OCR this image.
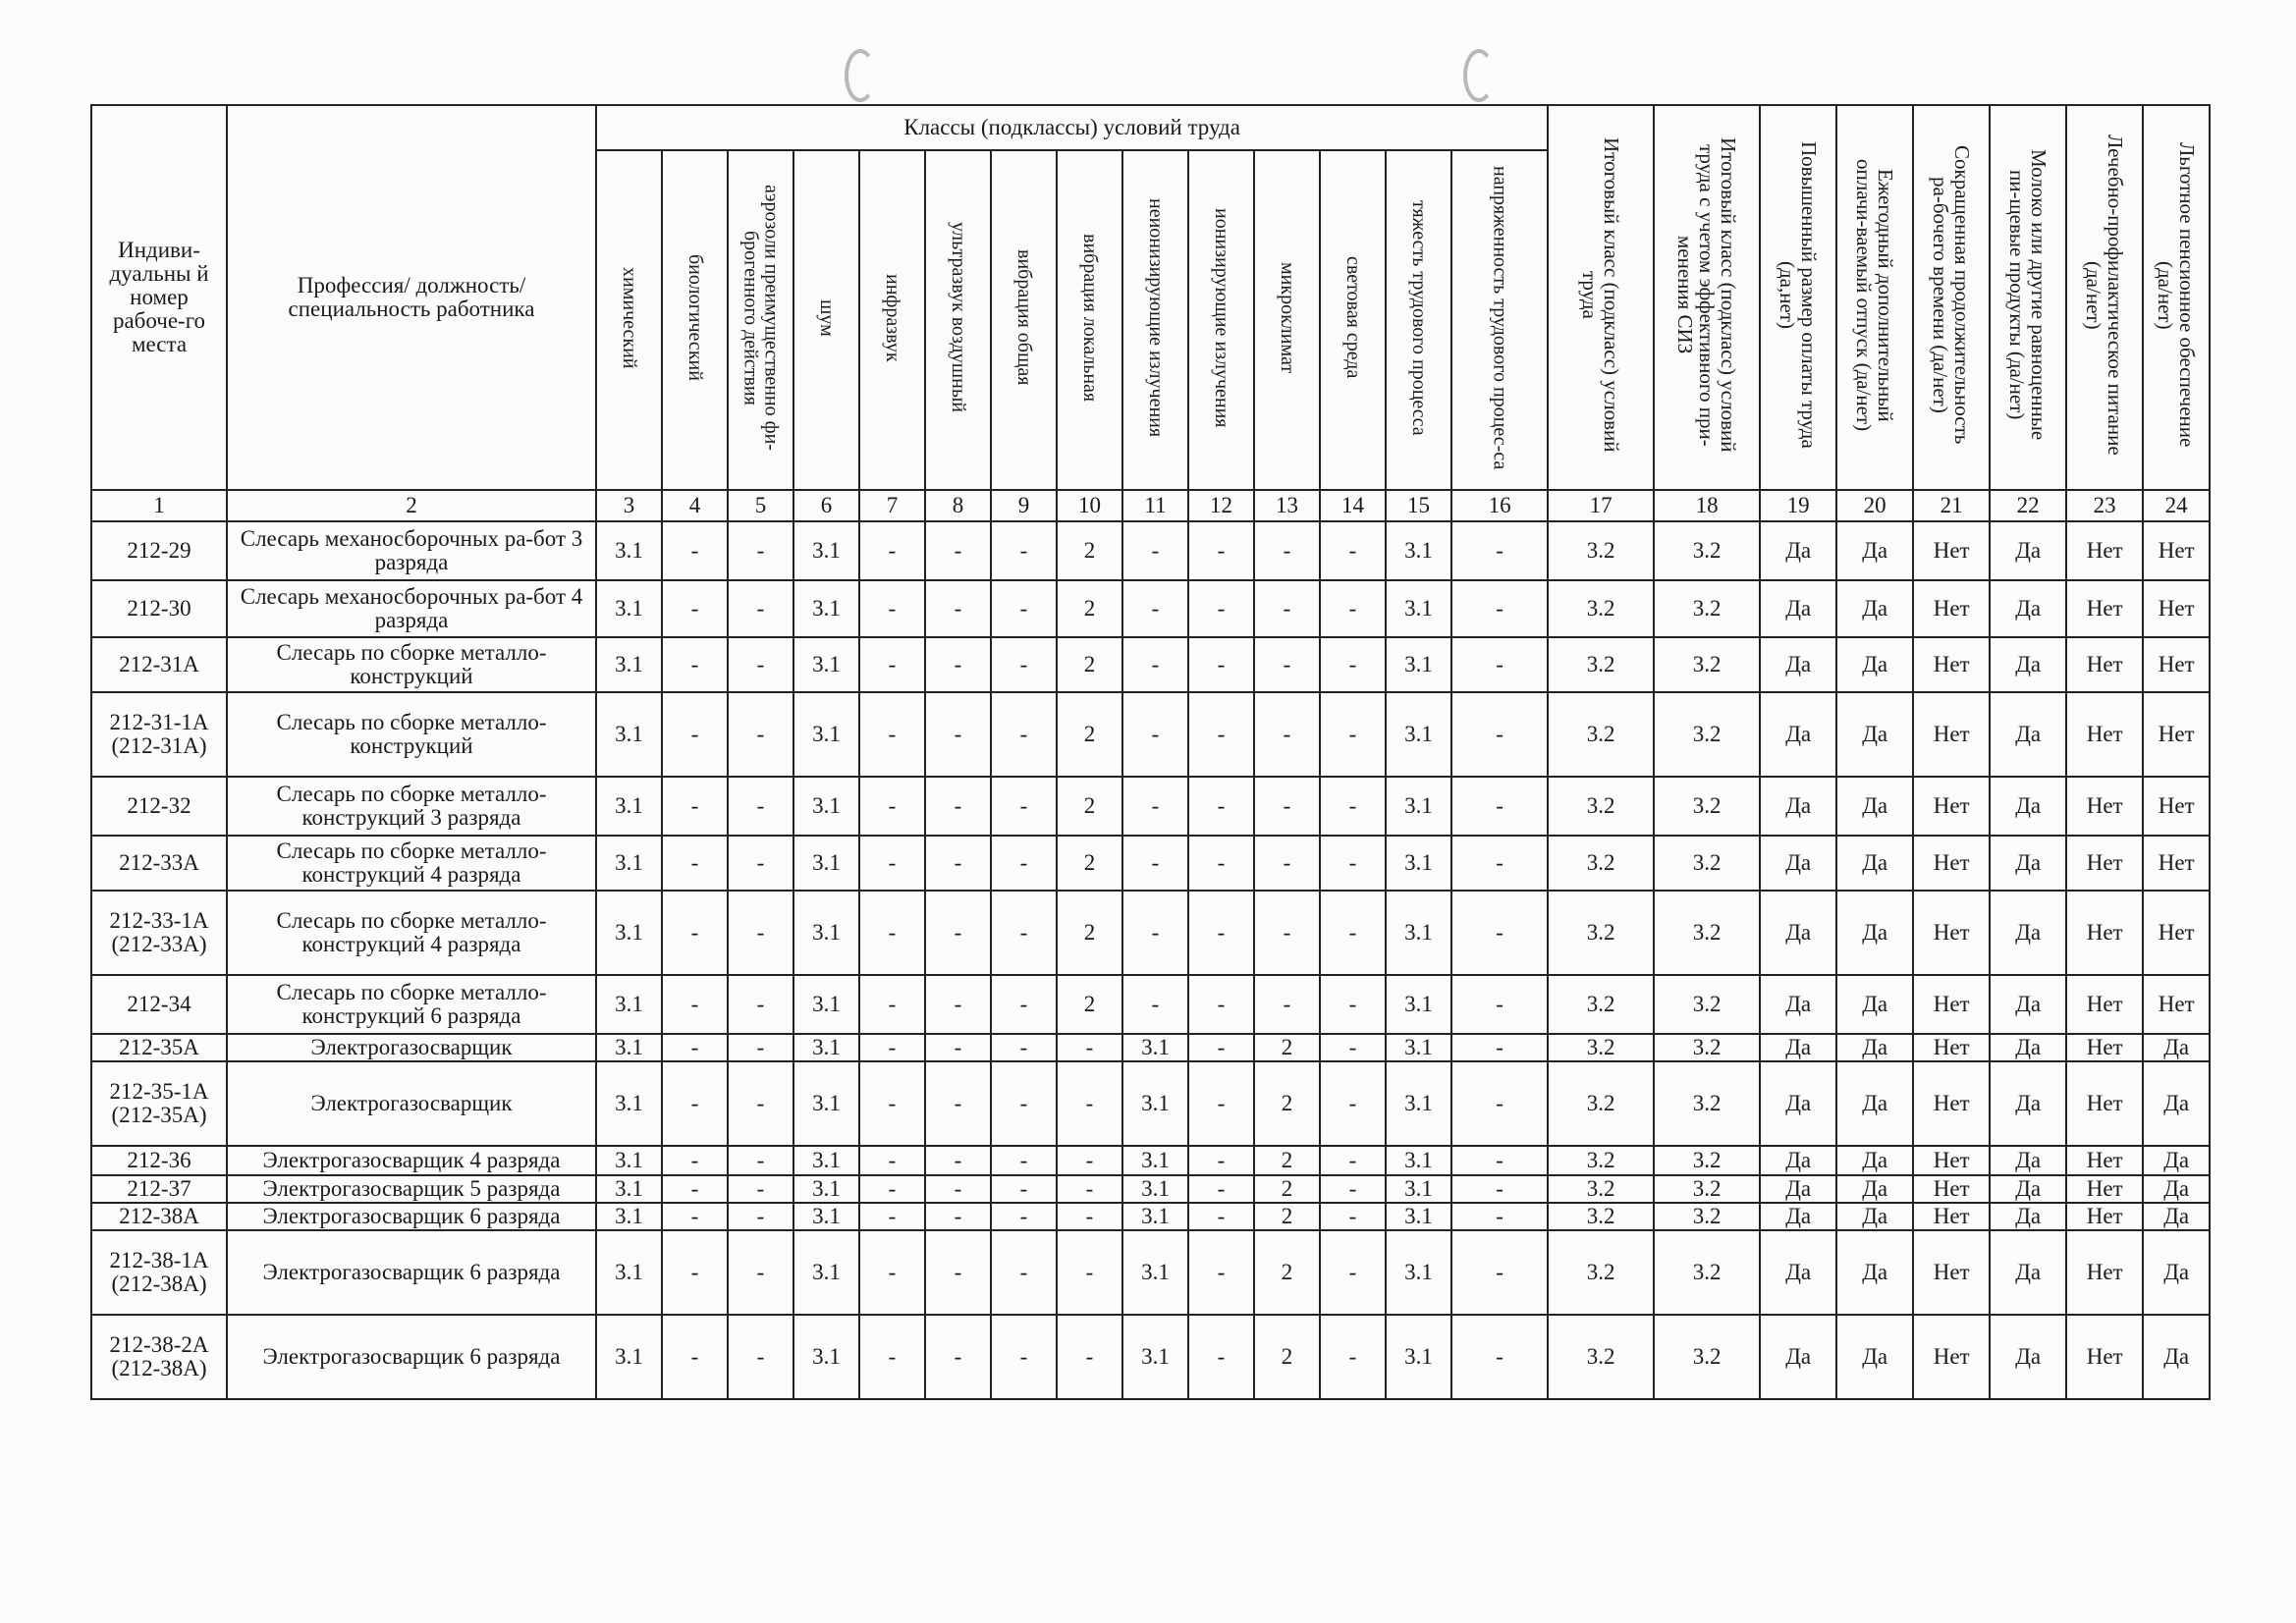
Индиви-дуальны й номер рабоче-го места	Профессия/ должность/ специальность работника	Классы (подклассы) условий труда														Итоговый класс (подкласс) условий труда	Итоговый класс (подкласс) условий труда с учетом эффективного при-менения СИЗ	Повышенный размер оплаты труда (да,нет)	Ежегодный дополнительный оплачи-ваемый отпуск (да/нет)	Сокращенная продолжительность ра-бочего времени (да/нет)	Молоко или другие равноценные пи-щевые продукты (да/нет)	Лечебно-профилактическое питание (да/нет)	Льготное пенсионное обеспечение (да/нет)
		химический	биологический	аэрозоли преимущественно фи-брогенного действия	шум	инфразвук	ультразвук воздушный	вибрация общая	вибрация локальная	неионизирующие излучения	ионизирующие излучения	микроклимат	световая среда	тяжесть трудового процесса	напряженность трудового процес-са								
1	2	3	4	5	6	7	8	9	10	11	12	13	14	15	16	17	18	19	20	21	22	23	24
212-29	Слесарь механосборочных ра-бот 3 разряда	3.1	-	-	3.1	-	-	-	2	-	-	-	-	3.1	-	3.2	3.2	Да	Да	Нет	Да	Нет	Нет
212-30	Слесарь механосборочных ра-бот 4 разряда	3.1	-	-	3.1	-	-	-	2	-	-	-	-	3.1	-	3.2	3.2	Да	Да	Нет	Да	Нет	Нет
212-31А	Слесарь по сборке металло-конструкций	3.1	-	-	3.1	-	-	-	2	-	-	-	-	3.1	-	3.2	3.2	Да	Да	Нет	Да	Нет	Нет
212-31-1А (212-31А)	Слесарь по сборке металло-конструкций	3.1	-	-	3.1	-	-	-	2	-	-	-	-	3.1	-	3.2	3.2	Да	Да	Нет	Да	Нет	Нет
212-32	Слесарь по сборке металло-конструкций 3 разряда	3.1	-	-	3.1	-	-	-	2	-	-	-	-	3.1	-	3.2	3.2	Да	Да	Нет	Да	Нет	Нет
212-33А	Слесарь по сборке металло-конструкций 4 разряда	3.1	-	-	3.1	-	-	-	2	-	-	-	-	3.1	-	3.2	3.2	Да	Да	Нет	Да	Нет	Нет
212-33-1А (212-33А)	Слесарь по сборке металло-конструкций 4 разряда	3.1	-	-	3.1	-	-	-	2	-	-	-	-	3.1	-	3.2	3.2	Да	Да	Нет	Да	Нет	Нет
212-34	Слесарь по сборке металло-конструкций 6 разряда	3.1	-	-	3.1	-	-	-	2	-	-	-	-	3.1	-	3.2	3.2	Да	Да	Нет	Да	Нет	Нет
212-35А	Электрогазосварщик	3.1	-	-	3.1	-	-	-	-	3.1	-	2	-	3.1	-	3.2	3.2	Да	Да	Нет	Да	Нет	Да
212-35-1А (212-35А)	Электрогазосварщик	3.1	-	-	3.1	-	-	-	-	3.1	-	2	-	3.1	-	3.2	3.2	Да	Да	Нет	Да	Нет	Да
212-36	Электрогазосварщик 4 разряда	3.1	-	-	3.1	-	-	-	-	3.1	-	2	-	3.1	-	3.2	3.2	Да	Да	Нет	Да	Нет	Да
212-37	Электрогазосварщик 5 разряда	3.1	-	-	3.1	-	-	-	-	3.1	-	2	-	3.1	-	3.2	3.2	Да	Да	Нет	Да	Нет	Да
212-38А	Электрогазосварщик 6 разряда	3.1	-	-	3.1	-	-	-	-	3.1	-	2	-	3.1	-	3.2	3.2	Да	Да	Нет	Да	Нет	Да
212-38-1А (212-38А)	Электрогазосварщик 6 разряда	3.1	-	-	3.1	-	-	-	-	3.1	-	2	-	3.1	-	3.2	3.2	Да	Да	Нет	Да	Нет	Да
212-38-2А (212-38А)	Электрогазосварщик 6 разряда	3.1	-	-	3.1	-	-	-	-	3.1	-	2	-	3.1	-	3.2	3.2	Да	Да	Нет	Да	Нет	Да
